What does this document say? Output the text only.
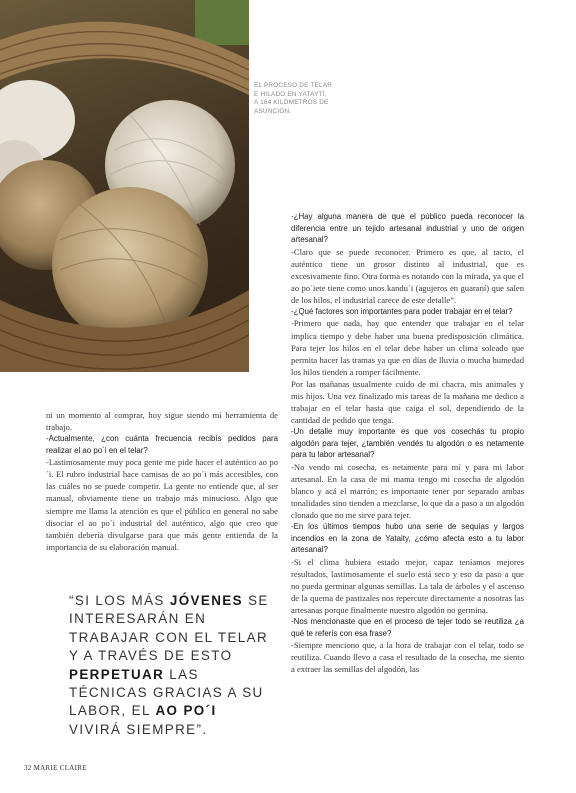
EL PROCESO DE TELAR
E HILADO EN YATAYTÍ,
A 164 KILÓMETROS DE
ASUNCIÓN.

-¿Hay alguna manera de que el público pueda reconocer la diferencia entre un tejido artesanal industrial y uno de origen artesanal?

-Claro que se puede reconocer. Primero es que, al tacto, el auténtico tiene un grosor distinto al industrial, que es excesivamente fino. Otra forma es notando con la mirada, ya que el ao po´iete tiene como unos kandu´i (agujeros en guaraní) que salen de los hilos, el industrial carece de este detalle”.

-¿Qué factores son importantes para poder trabajar en el telar?

-Primero que nada, hay que entender que trabajar en el telar implica tiempo y debe haber una buena predisposición climática. Para tejer los hilos en el telar debe haber un clima soleado que permita hacer las tramas ya que en días de lluvia o mucha humedad los hilos tienden a romper fácilmente.

Por las mañanas usualmente cuido de mi chacra, mis animales y mis hijos. Una vez finalizado mis tareas de la mañana me dedico a trabajar en el telar hasta que caiga el sol, dependiendo de la cantidad de pedido que tenga.

-Un detalle muy importante es que vos cosechás tu propio algodón para tejer, ¿también vendés tu algodón o es netamente para tu labor artesanal?

-No vendo mi cosecha, es netamente para mí y para mi labor artesanal. En la casa de mi mama tengo mi cosecha de algodón blanco y acá el marrón; es importante tener por separado ambas tonalidades sino tienden a mezclarse, lo que da a paso a un algodón clonado que no me sirve para tejer.

-En los últimos tiempos hubo una serie de sequías y largos incendios en la zona de Yataity, ¿cómo afecta esto a tu labor artesanal?

-Si el clima hubiera estado mejor, capaz teníamos mejores resultados, lastimosamente el suelo está seco y eso da paso a que no pueda germinar algunas semillas. La tala de árboles y el ascenso de la quema de pastizales nos repercute directamente a nosotras las artesanas porque finalmente nuestro algodón no germina.

-Nos mencionaste que en el proceso de tejer todo se reutiliza ¿a qué te referís con esa frase?

-Siempre menciono que, a la hora de trabajar con el telar, todo se reutiliza. Cuando llevo a casa el resultado de la cosecha, me siento a extraer las semillas del algodón, las

ni un momento al comprar, hoy sigue siendo mi herramienta de trabajo.

-Actualmente, ¿con cuánta frecuencia recibís pedidos para realizar el ao po´i en el telar?

-Lastimosamente muy poca gente me pide hacer el auténtico ao po´i. El rubro industrial hace camisas de ao po´i más accesibles, con las cuáles no se puede competir. La gente no entiende que, al ser manual, obviamente tiene un trabajo más minucioso. Algo que siempre me llama la atención es que el público en general no sabe disociar el ao po´i industrial del auténtico, algo que creo que también debería divulgarse para que más gente entienda de la importancia de su elaboración manual.

“SI LOS MÁS JÓVENES SE INTERESARÁN EN TRABAJAR CON EL TELAR Y A TRAVÉS DE ESTO PERPETUAR LAS TÉCNICAS GRACIAS A SU LABOR, EL AO PO´I VIVIRÁ SIEMPRE”.
32 MARIE CLAIRE
